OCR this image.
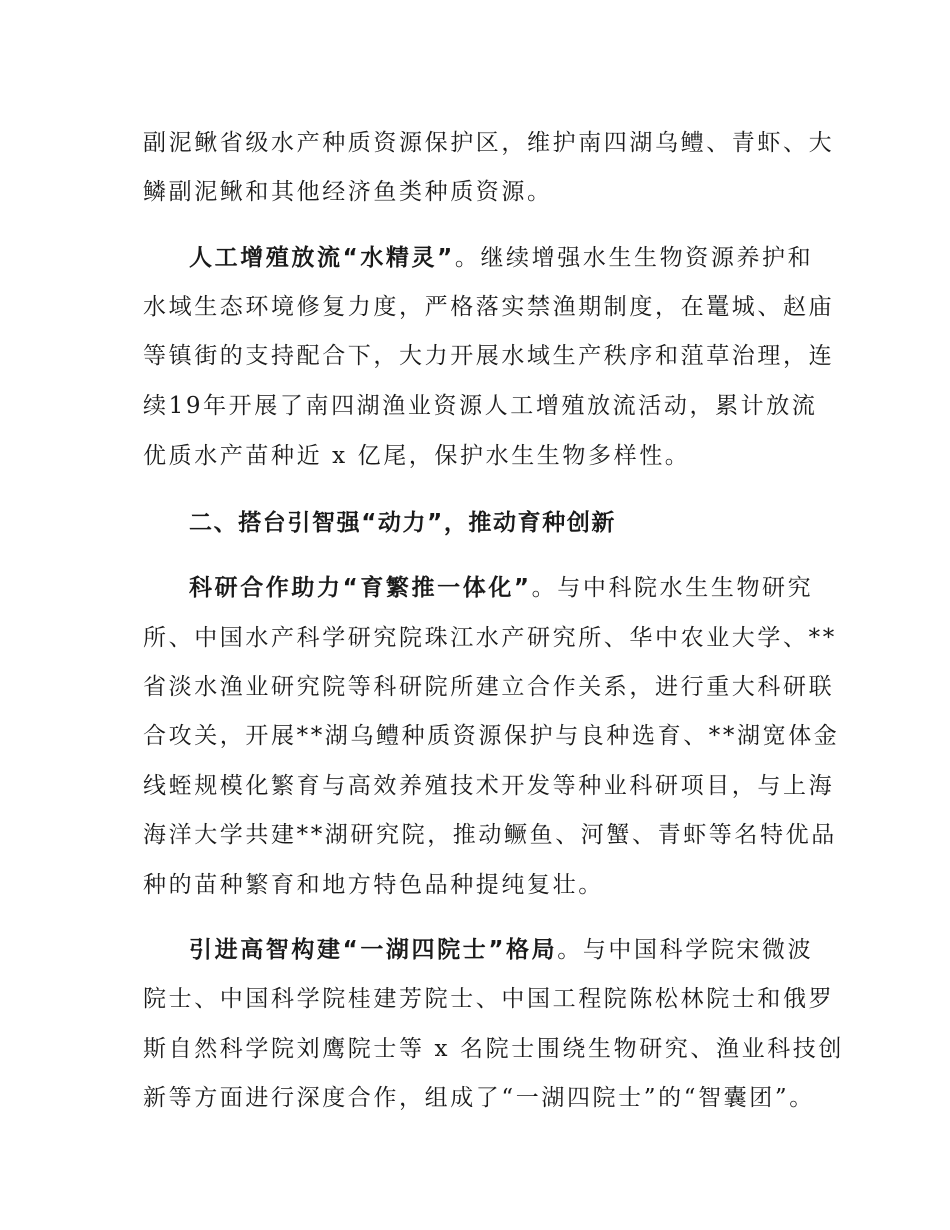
副泥鳅省级水产种质资源保护区，维护南四湖乌鳢、青虾、大
鳞副泥鳅和其他经济鱼类种质资源。
人工增殖放流“水精灵”。继续增强水生生物资源养护和
水域生态环境修复力度，严格落实禁渔期制度，在鼍城、赵庙
等镇街的支持配合下，大力开展水域生产秩序和菹草治理，连
续19年开展了南四湖渔业资源人工增殖放流活动，累计放流
优质水产苗种近 x 亿尾，保护水生生物多样性。
二、搭台引智强“动力”，推动育种创新
科研合作助力“育繁推一体化”。与中科院水生生物研究
所、中国水产科学研究院珠江水产研究所、华中农业大学、**
省淡水渔业研究院等科研院所建立合作关系，进行重大科研联
合攻关，开展**湖乌鳢种质资源保护与良种选育、**湖宽体金
线蛭规模化繁育与高效养殖技术开发等种业科研项目，与上海
海洋大学共建**湖研究院，推动鳜鱼、河蟹、青虾等名特优品
种的苗种繁育和地方特色品种提纯复壮。
引进高智构建“一湖四院士”格局。与中国科学院宋微波
院士、中国科学院桂建芳院士、中国工程院陈松林院士和俄罗
斯自然科学院刘鹰院士等 x 名院士围绕生物研究、渔业科技创
新等方面进行深度合作，组成了“一湖四院士”的“智囊团”。
